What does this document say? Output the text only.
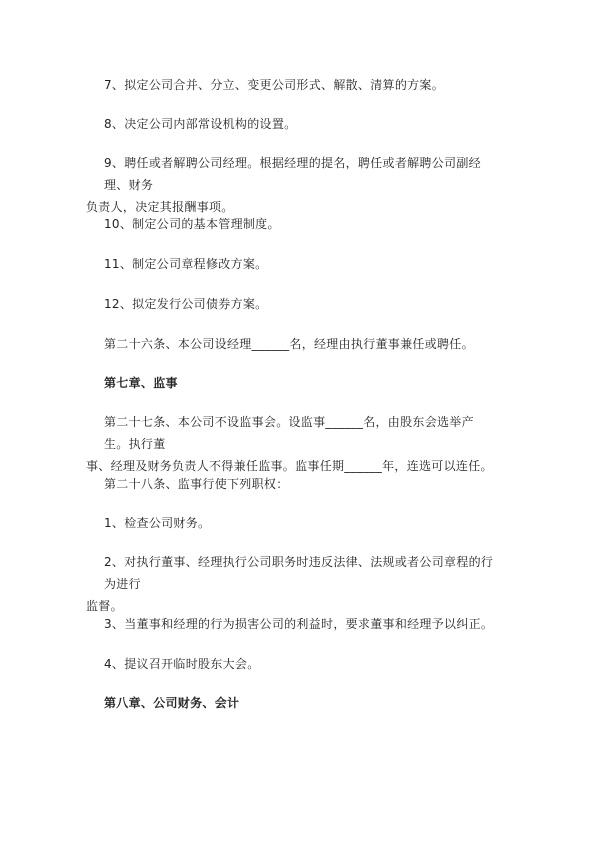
7、拟定公司合并、分立、变更公司形式、解散、清算的方案。
8、决定公司内部常设机构的设置。
9、聘任或者解聘公司经理。根据经理的提名，聘任或者解聘公司副经理、财务
负责人，决定其报酬事项。
10、制定公司的基本管理制度。
11、制定公司章程修改方案。
12、拟定发行公司债券方案。
第二十六条、本公司设经理______名，经理由执行董事兼任或聘任。
第七章、监事
第二十七条、本公司不设监事会。设监事______名，由股东会选举产生。执行董
事、经理及财务负责人不得兼任监事。监事任期______年，连选可以连任。
第二十八条、监事行使下列职权：
1、检查公司财务。
2、对执行董事、经理执行公司职务时违反法律、法规或者公司章程的行为进行
监督。
3、当董事和经理的行为损害公司的利益时，要求董事和经理予以纠正。
4、提议召开临时股东大会。
第八章、公司财务、会计
